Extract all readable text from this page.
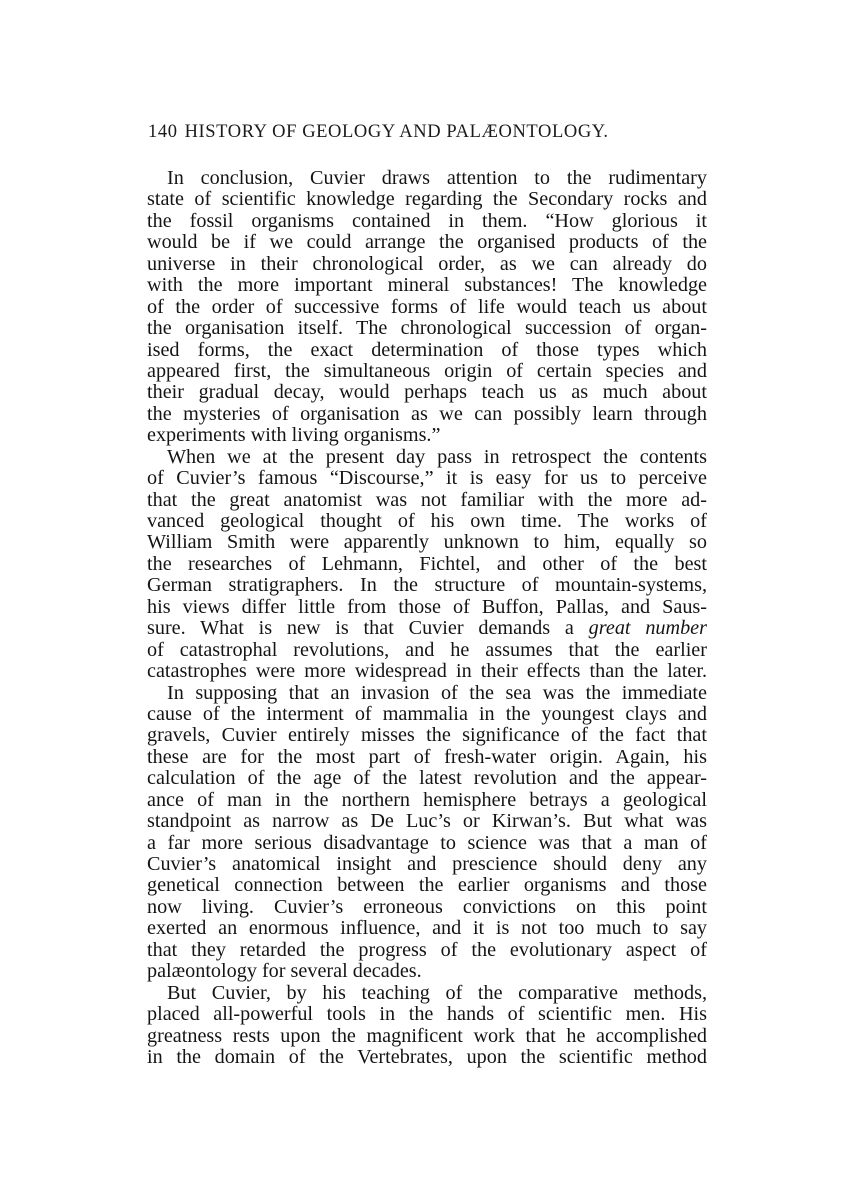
140 HISTORY OF GEOLOGY AND PALÆONTOLOGY.
In conclusion, Cuvier draws attention to the rudimentary
state of scientific knowledge regarding the Secondary rocks and
the fossil organisms contained in them. “How glorious it
would be if we could arrange the organised products of the
universe in their chronological order, as we can already do
with the more important mineral substances! The knowledge
of the order of successive forms of life would teach us about
the organisation itself. The chronological succession of organ-
ised forms, the exact determination of those types which
appeared first, the simultaneous origin of certain species and
their gradual decay, would perhaps teach us as much about
the mysteries of organisation as we can possibly learn through
experiments with living organisms.”
When we at the present day pass in retrospect the contents
of Cuvier’s famous “Discourse,” it is easy for us to perceive
that the great anatomist was not familiar with the more ad-
vanced geological thought of his own time. The works of
William Smith were apparently unknown to him, equally so
the researches of Lehmann, Fichtel, and other of the best
German stratigraphers. In the structure of mountain-systems,
his views differ little from those of Buffon, Pallas, and Saus-
sure. What is new is that Cuvier demands a great number
of catastrophal revolutions, and he assumes that the earlier
catastrophes were more widespread in their effects than the later.
In supposing that an invasion of the sea was the immediate
cause of the interment of mammalia in the youngest clays and
gravels, Cuvier entirely misses the significance of the fact that
these are for the most part of fresh-water origin. Again, his
calculation of the age of the latest revolution and the appear-
ance of man in the northern hemisphere betrays a geological
standpoint as narrow as De Luc’s or Kirwan’s. But what was
a far more serious disadvantage to science was that a man of
Cuvier’s anatomical insight and prescience should deny any
genetical connection between the earlier organisms and those
now living. Cuvier’s erroneous convictions on this point
exerted an enormous influence, and it is not too much to say
that they retarded the progress of the evolutionary aspect of
palæontology for several decades.
But Cuvier, by his teaching of the comparative methods,
placed all-powerful tools in the hands of scientific men. His
greatness rests upon the magnificent work that he accomplished
in the domain of the Vertebrates, upon the scientific method
